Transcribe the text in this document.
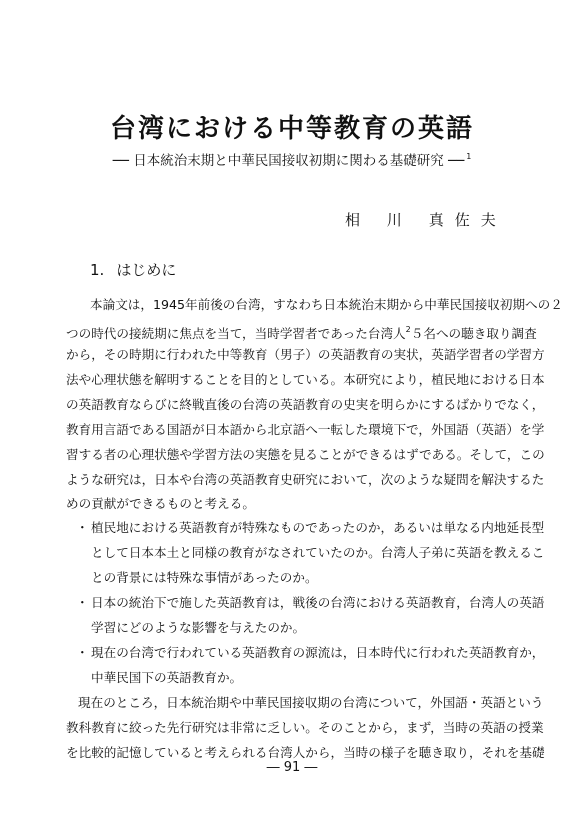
台湾における中等教育の英語
── 日本統治末期と中華民国接収初期に関わる基礎研究 ── $^1$
相 川 真佐夫
1. はじめに
本論文は，1945年前後の台湾，すなわち日本統治末期から中華民国接収初期への２
つの時代の接続期に焦点を当て，当時学習者であった台湾人$^2$５名への聴き取り調査
から，その時期に行われた中等教育（男子）の英語教育の実状，英語学習者の学習方
法や心理状態を解明することを目的としている。本研究により，植民地における日本
の英語教育ならびに終戦直後の台湾の英語教育の史実を明らかにするばかりでなく，
教育用言語である国語が日本語から北京語へ一転した環境下で，外国語（英語）を学
習する者の心理状態や学習方法の実態を見ることができるはずである。そして，この
ような研究は，日本や台湾の英語教育史研究において，次のような疑問を解決するた
めの貢献ができるものと考える。
・ 植民地における英語教育が特殊なものであったのか，あるいは単なる内地延長型
として日本本土と同様の教育がなされていたのか。台湾人子弟に英語を教えるこ
との背景には特殊な事情があったのか。
・ 日本の統治下で施した英語教育は，戦後の台湾における英語教育，台湾人の英語
学習にどのような影響を与えたのか。
・ 現在の台湾で行われている英語教育の源流は，日本時代に行われた英語教育か，
中華民国下の英語教育か。
現在のところ，日本統治期や中華民国接収期の台湾について，外国語・英語という
教科教育に絞った先行研究は非常に乏しい。そのことから，まず，当時の英語の授業
を比較的記憶していると考えられる台湾人から，当時の様子を聴き取り，それを基礎
― 91 ―
